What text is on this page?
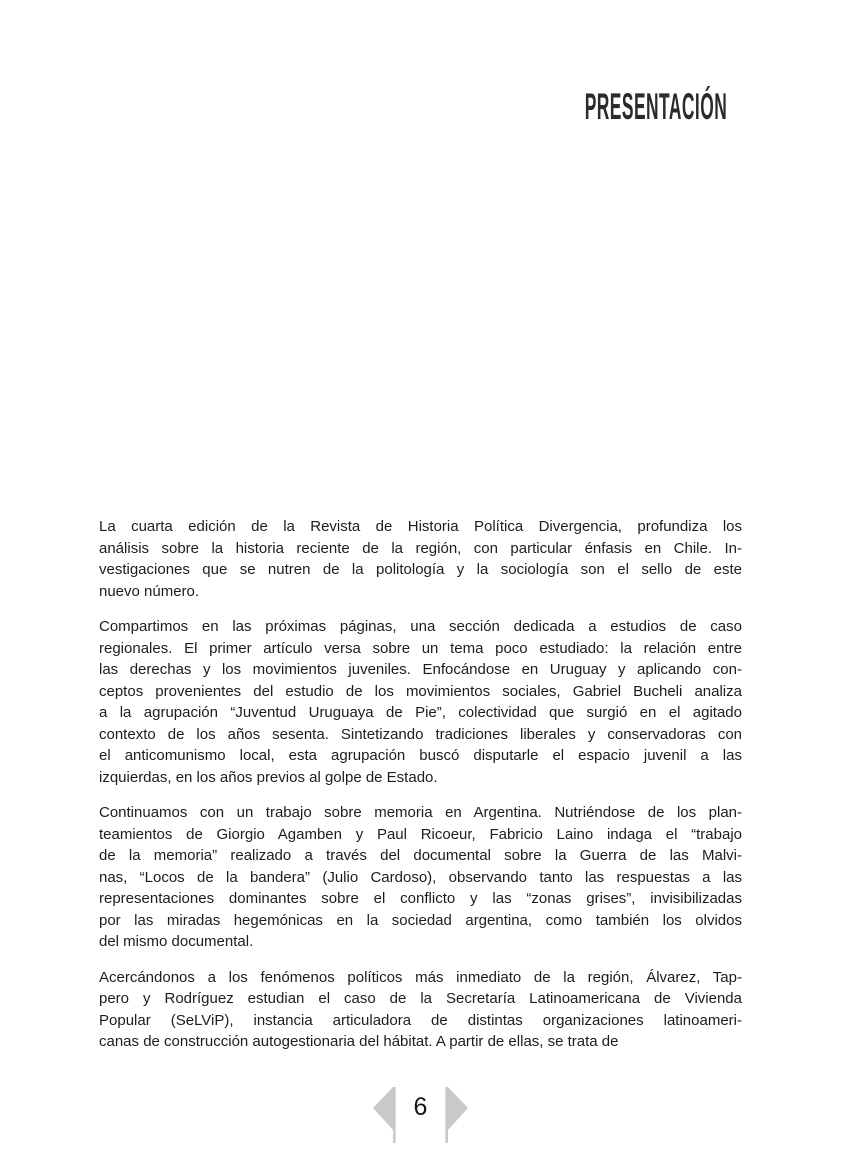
PRESENTACIÓN
La cuarta edición de la Revista de Historia Política Divergencia, profundiza los
análisis sobre la historia reciente de la región, con particular énfasis en Chile. In-
vestigaciones que se nutren de la politología y la sociología son el sello de este
nuevo número.
Compartimos en las próximas páginas, una sección dedicada a estudios de caso
regionales. El primer artículo versa sobre un tema poco estudiado: la relación entre
las derechas y los movimientos juveniles. Enfocándose en Uruguay y aplicando con-
ceptos provenientes del estudio de los movimientos sociales, Gabriel Bucheli analiza
a la agrupación “Juventud Uruguaya de Pie”, colectividad que surgió en el agitado
contexto de los años sesenta. Sintetizando tradiciones liberales y conservadoras con
el anticomunismo local, esta agrupación buscó disputarle el espacio juvenil a las
izquierdas, en los años previos al golpe de Estado.
Continuamos con un trabajo sobre memoria en Argentina. Nutriéndose de los plan-
teamientos de Giorgio Agamben y Paul Ricoeur, Fabricio Laino indaga el “trabajo
de la memoria” realizado a través del documental sobre la Guerra de las Malvi-
nas, “Locos de la bandera” (Julio Cardoso), observando tanto las respuestas a las
representaciones dominantes sobre el conflicto y las “zonas grises”, invisibilizadas
por las miradas hegemónicas en la sociedad argentina, como también los olvidos
del mismo documental.
Acercándonos a los fenómenos políticos más inmediato de la región, Álvarez, Tap-
pero y Rodríguez estudian el caso de la Secretaría Latinoamericana de Vivienda
Popular (SeLViP), instancia articuladora de distintas organizaciones latinoameri-
canas de construcción autogestionaria del hábitat. A partir de ellas, se trata de
6
